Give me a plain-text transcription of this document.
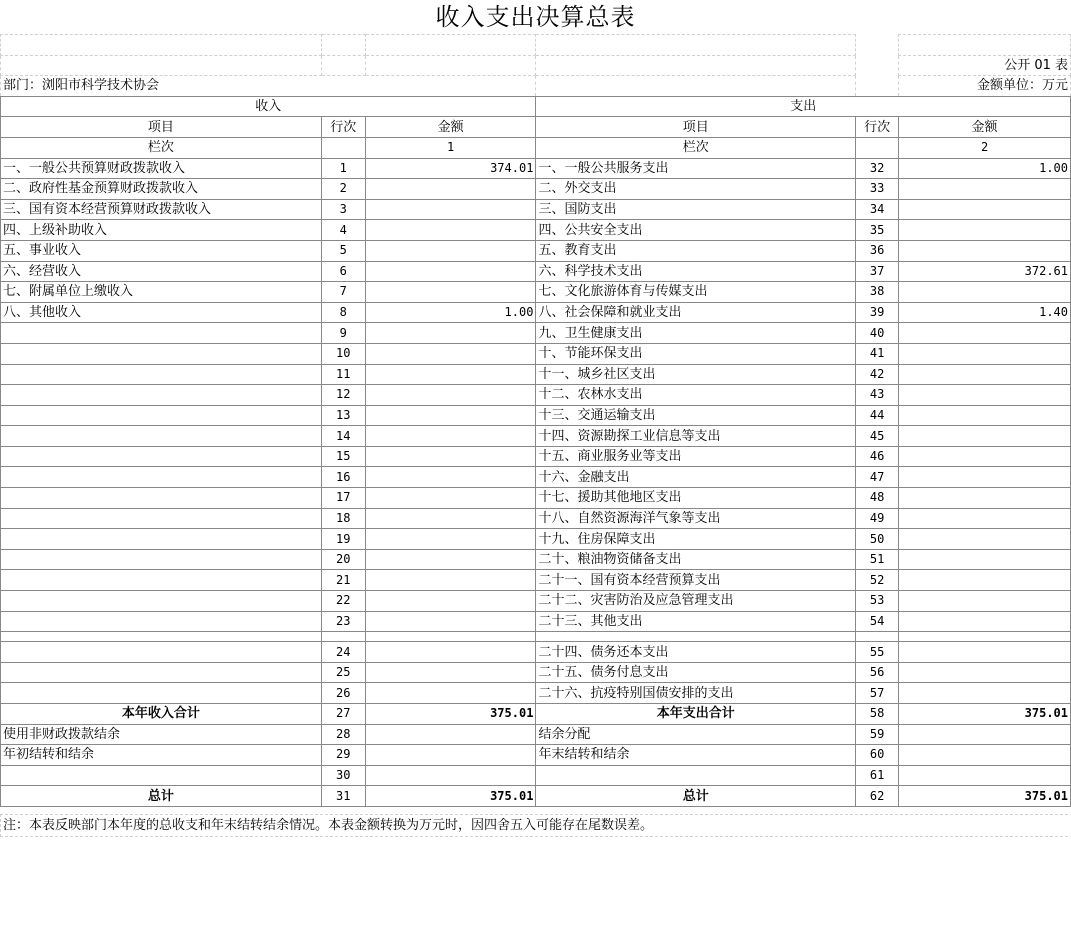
收入支出决算总表

					公开 01 表
部门：浏阳市科学技术协会					金额单位：万元
收入			支出		
项目	行次	金额	项目	行次	金额
栏次		1	栏次		2
一、一般公共预算财政拨款收入	1	374.01	一、一般公共服务支出	32	1.00
二、政府性基金预算财政拨款收入	2		二、外交支出	33	
三、国有资本经营预算财政拨款收入	3		三、国防支出	34	
四、上级补助收入	4		四、公共安全支出	35	
五、事业收入	5		五、教育支出	36	
六、经营收入	6		六、科学技术支出	37	372.61
七、附属单位上缴收入	7		七、文化旅游体育与传媒支出	38	
八、其他收入	8	1.00	八、社会保障和就业支出	39	1.40
	9		九、卫生健康支出	40	
	10		十、节能环保支出	41	
	11		十一、城乡社区支出	42	
	12		十二、农林水支出	43	
	13		十三、交通运输支出	44	
	14		十四、资源勘探工业信息等支出	45	
	15		十五、商业服务业等支出	46	
	16		十六、金融支出	47	
	17		十七、援助其他地区支出	48	
	18		十八、自然资源海洋气象等支出	49	
	19		十九、住房保障支出	50	
	20		二十、粮油物资储备支出	51	
	21		二十一、国有资本经营预算支出	52	
	22		二十二、灾害防治及应急管理支出	53	
	23		二十三、其他支出	54	

	24		二十四、债务还本支出	55	
	25		二十五、债务付息支出	56	
	26		二十六、抗疫特别国债安排的支出	57	
本年收入合计	27	375.01	本年支出合计	58	375.01
使用非财政拨款结余	28		结余分配	59	
年初结转和结余	29		年末结转和结余	60	
	30			61	
总计	31	375.01	总计	62	375.01
注：本表反映部门本年度的总收支和年末结转结余情况。本表金额转换为万元时，因四舍五入可能存在尾数误差。
